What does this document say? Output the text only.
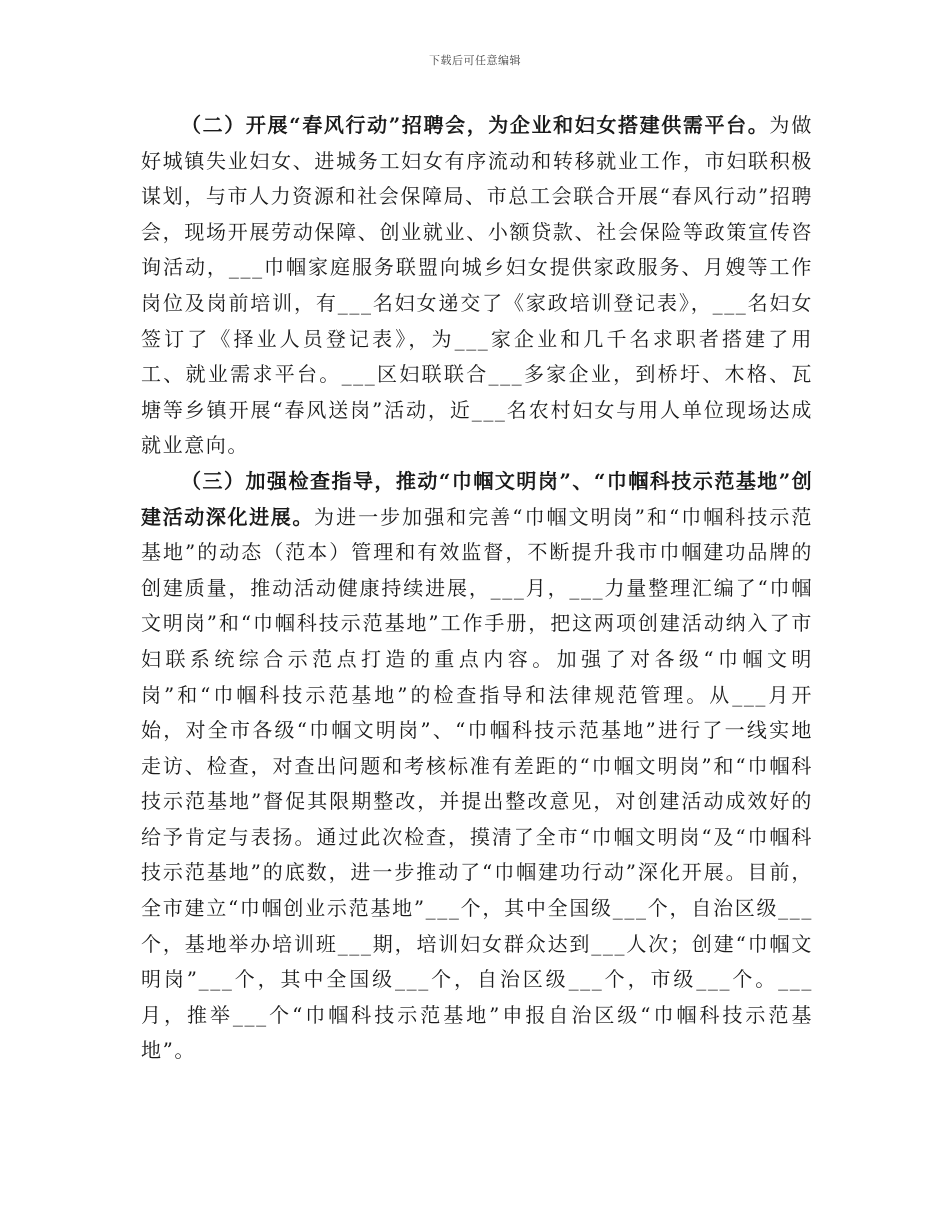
下载后可任意编辑

（二）开展“春风行动”招聘会，为企业和妇女搭建供需平台。为做好城镇失业妇女、进城务工妇女有序流动和转移就业工作，市妇联积极谋划，与市人力资源和社会保障局、市总工会联合开展“春风行动”招聘会，现场开展劳动保障、创业就业、小额贷款、社会保险等政策宣传咨询活动，___巾帼家庭服务联盟向城乡妇女提供家政服务、月嫂等工作岗位及岗前培训，有___名妇女递交了《家政培训登记表》，___名妇女签订了《择业人员登记表》，为___家企业和几千名求职者搭建了用工、就业需求平台。___区妇联联合___多家企业，到桥圩、木格、瓦塘等乡镇开展“春风送岗”活动，近___名农村妇女与用人单位现场达成就业意向。

（三）加强检查指导，推动“巾帼文明岗”、“巾帼科技示范基地”创建活动深化进展。为进一步加强和完善“巾帼文明岗”和“巾帼科技示范基地”的动态（范本）管理和有效监督，不断提升我市巾帼建功品牌的创建质量，推动活动健康持续进展，___月，___力量整理汇编了“巾帼文明岗”和“巾帼科技示范基地”工作手册，把这两项创建活动纳入了市妇联系统综合示范点打造的重点内容。加强了对各级“巾帼文明岗”和“巾帼科技示范基地”的检查指导和法律规范管理。从___月开始，对全市各级“巾帼文明岗”、“巾帼科技示范基地”进行了一线实地走访、检查，对查出问题和考核标准有差距的“巾帼文明岗”和“巾帼科技示范基地”督促其限期整改，并提出整改意见，对创建活动成效好的给予肯定与表扬。通过此次检查，摸清了全市“巾帼文明岗“及“巾帼科技示范基地”的底数，进一步推动了“巾帼建功行动”深化开展。目前，全市建立“巾帼创业示范基地”___个，其中全国级___个，自治区级___个，基地举办培训班___期，培训妇女群众达到___人次；创建“巾帼文明岗”___个，其中全国级___个，自治区级___个，市级___个。___月，推举___个“巾帼科技示范基地”申报自治区级“巾帼科技示范基地”。
